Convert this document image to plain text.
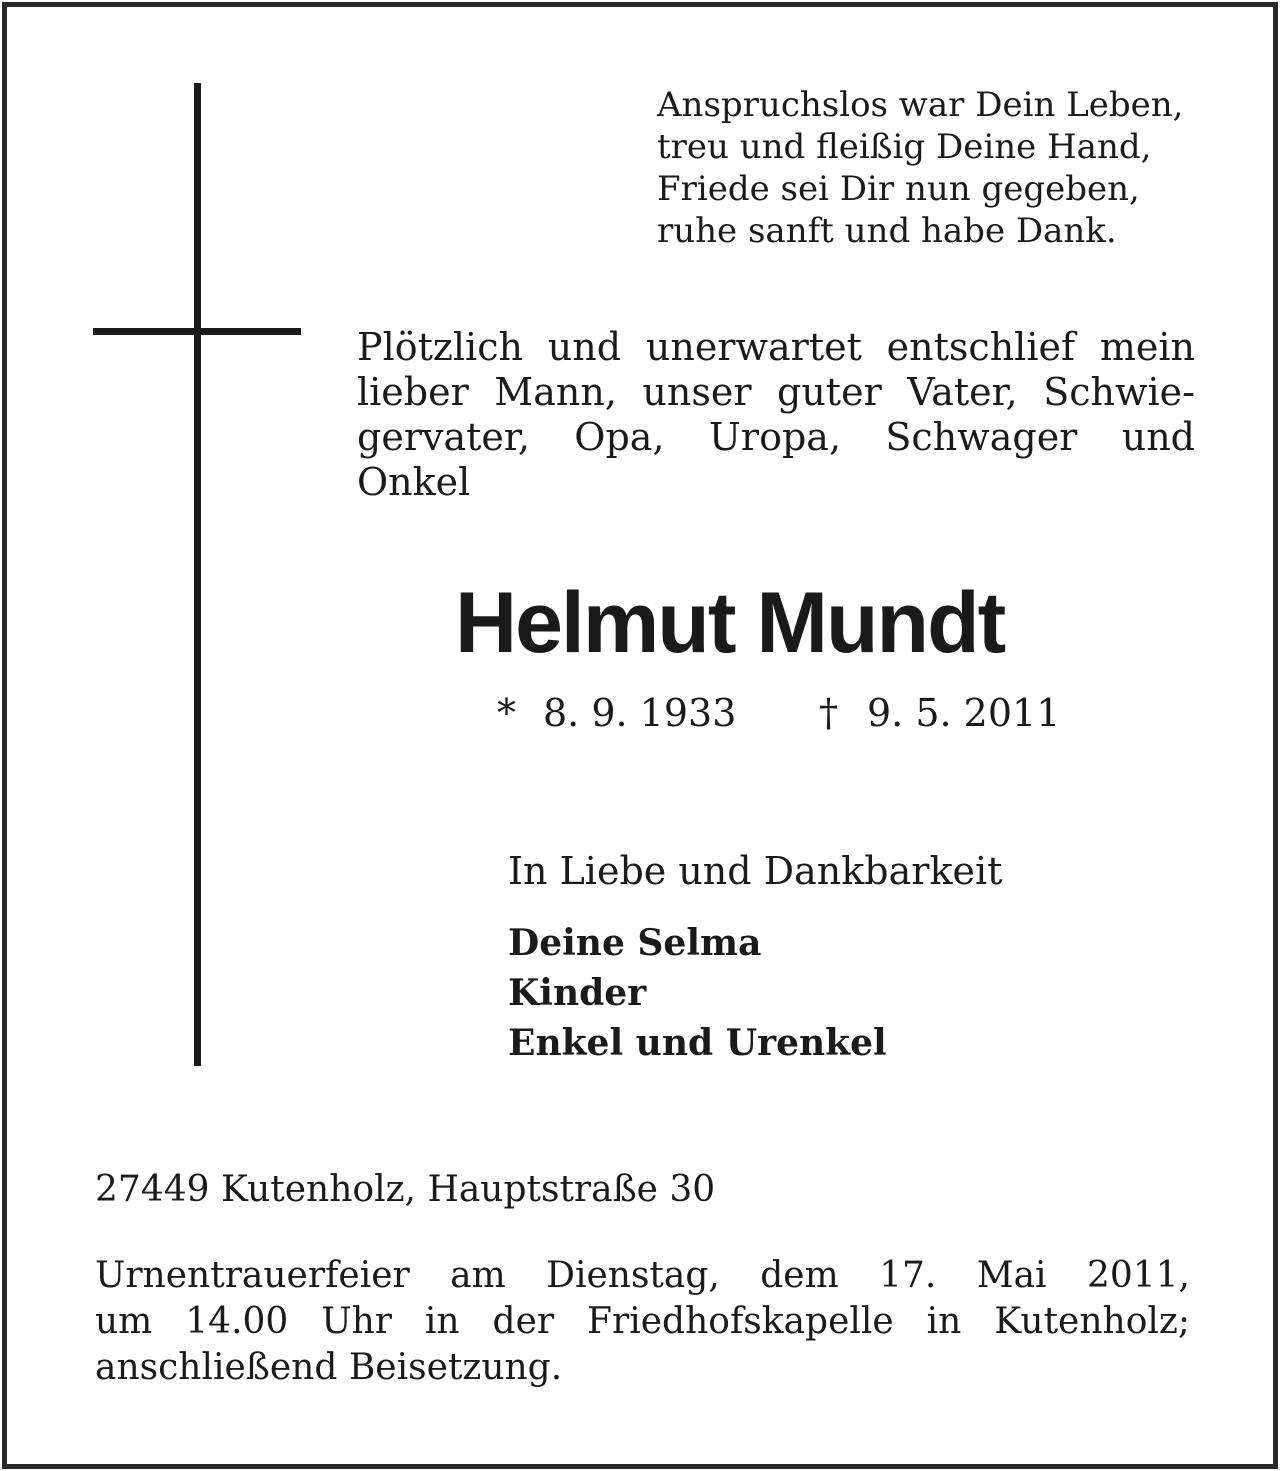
Anspruchslos war Dein Leben,
treu und fleißig Deine Hand,
Friede sei Dir nun gegeben,
ruhe sanft und habe Dank.
Plötzlich und unerwartet entschlief mein
lieber Mann, unser guter Vater, Schwie-
gervater, Opa, Uropa, Schwager und
Onkel
Helmut Mundt
* 8. 9. 1933 † 9. 5. 2011
In Liebe und Dankbarkeit
Deine Selma
Kinder
Enkel und Urenkel
27449 Kutenholz, Hauptstraße 30
Urnentrauerfeier am Dienstag, dem 17. Mai 2011,
um 14.00 Uhr in der Friedhofskapelle in Kutenholz;
anschließend Beisetzung.
